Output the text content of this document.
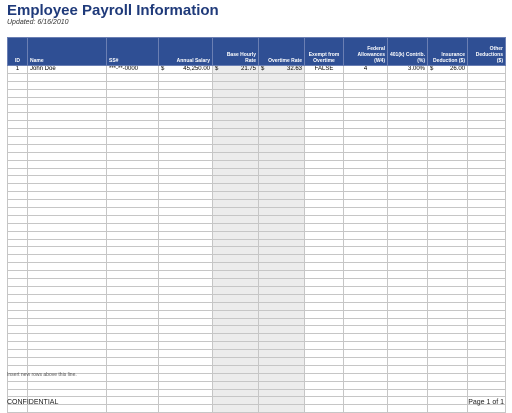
Employee Payroll Information
Updated: 6/16/2010
ID	Name	SS#	Annual Salary	Base Hourly Rate	Overtime Rate	Exempt from Overtime	Federal Allowances (W4)	401(k) Contrib. (%)	Insurance Deduction ($)	Other Deductions ($)
1	John Doe	***-**-0000	$ 45,250.00	$ 21.75	$ 32.63	FALSE	4	3.00%	$ 26.00	

Insert new rows above this line.
CONFIDENTIAL	Page 1 of 1
